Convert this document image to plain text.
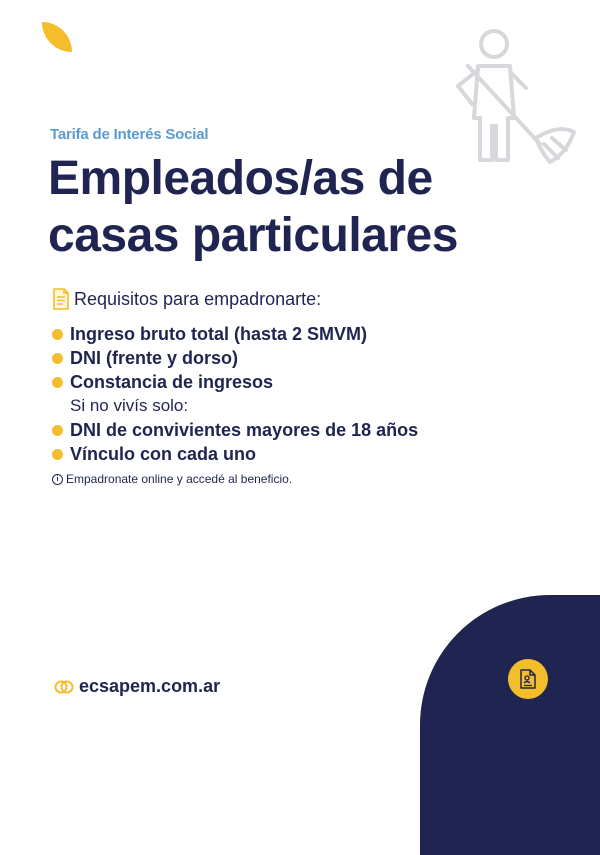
Tarifa de Interés Social
Empleados/as de
casas particulares
Requisitos para empadronarte:
Ingreso bruto total (hasta 2 SMVM)
DNI (frente y dorso)
Constancia de ingresos
Si no vivís solo:
DNI de convivientes mayores de 18 años
Vínculo con cada uno
i Empadronate online y accedé al beneficio.
ecsapem.com.ar
